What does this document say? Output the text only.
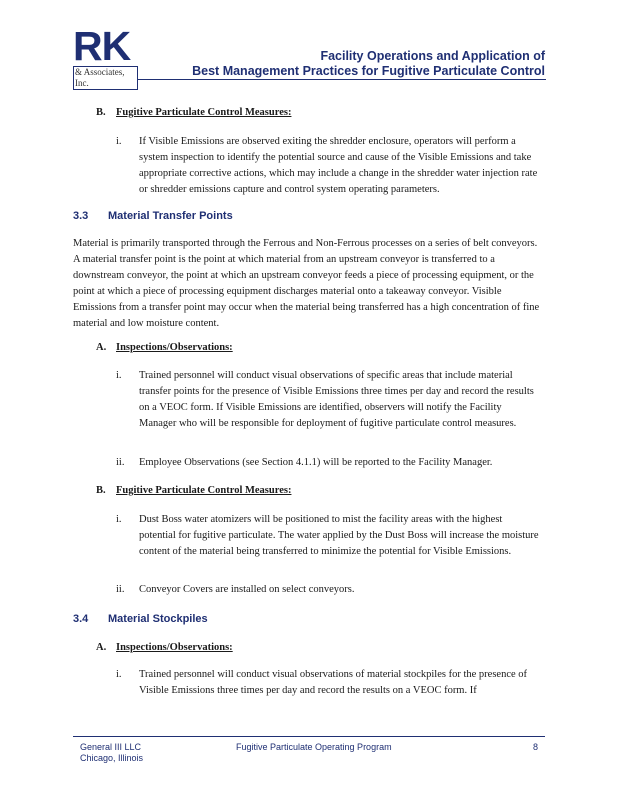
RK
& Associates, Inc.
Facility Operations and Application of
Best Management Practices for Fugitive Particulate Control
B. Fugitive Particulate Control Measures:
i. If Visible Emissions are observed exiting the shredder enclosure, operators will perform a system inspection to identify the potential source and cause of the Visible Emissions and take appropriate corrective actions, which may include a change in the shredder water injection rate or shredder emissions capture and control system operating parameters.
3.3 Material Transfer Points
Material is primarily transported through the Ferrous and Non-Ferrous processes on a series of belt conveyors. A material transfer point is the point at which material from an upstream conveyor is transferred to a downstream conveyor, the point at which an upstream conveyor feeds a piece of processing equipment, or the point at which a piece of processing equipment discharges material onto a takeaway conveyor. Visible Emissions from a transfer point may occur when the material being transferred has a high concentration of fine material and low moisture content.
A. Inspections/Observations:
i. Trained personnel will conduct visual observations of specific areas that include material transfer points for the presence of Visible Emissions three times per day and record the results on a VEOC form. If Visible Emissions are identified, observers will notify the Facility Manager who will be responsible for deployment of fugitive particulate control measures.
ii. Employee Observations (see Section 4.1.1) will be reported to the Facility Manager.
B. Fugitive Particulate Control Measures:
i. Dust Boss water atomizers will be positioned to mist the facility areas with the highest potential for fugitive particulate. The water applied by the Dust Boss will increase the moisture content of the material being transferred to minimize the potential for Visible Emissions.
ii. Conveyor Covers are installed on select conveyors.
3.4 Material Stockpiles
A. Inspections/Observations:
i. Trained personnel will conduct visual observations of material stockpiles for the presence of Visible Emissions three times per day and record the results on a VEOC form. If
General III LLC
Chicago, Illinois
Fugitive Particulate Operating Program	8
